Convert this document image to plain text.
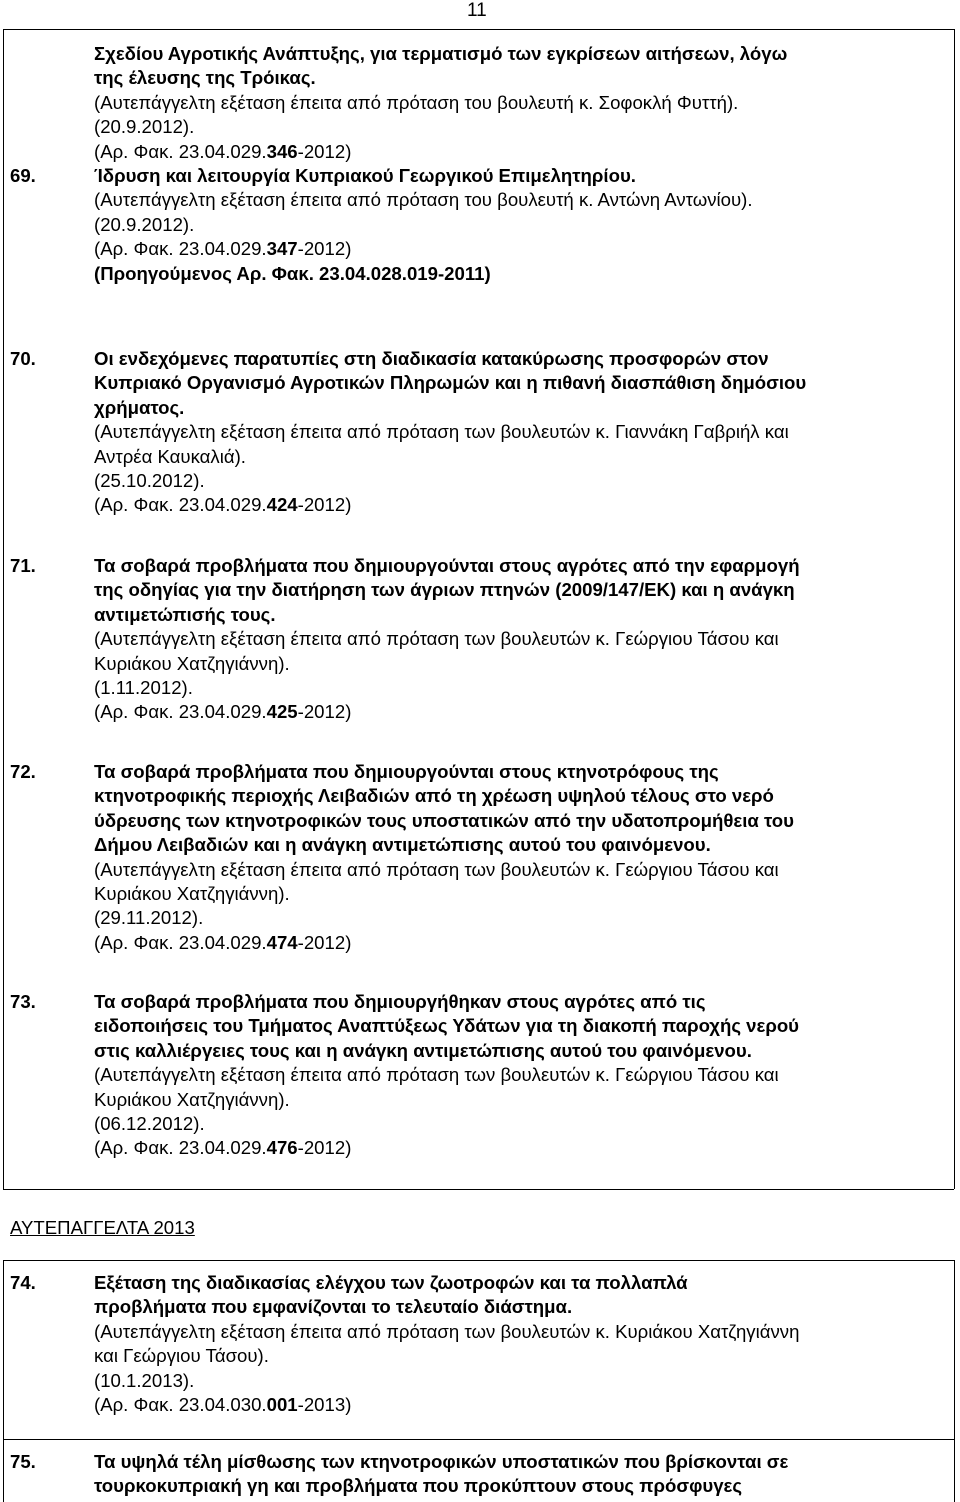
11
Σχεδίου Αγροτικής Ανάπτυξης, για τερματισμό των εγκρίσεων αιτήσεων, λόγω
της έλευσης της Τρόικας.
(Αυτεπάγγελτη εξέταση έπειτα από πρόταση του βουλευτή κ. Σοφοκλή Φυττή).
(20.9.2012).
(Αρ. Φακ. 23.04.029.346-2012)
69.	Ίδρυση και λειτουργία Κυπριακού Γεωργικού Επιμελητηρίου.
(Αυτεπάγγελτη εξέταση έπειτα από πρόταση του βουλευτή κ. Αντώνη Αντωνίου).
(20.9.2012).
(Αρ. Φακ. 23.04.029.347-2012)
(Προηγούμενος Αρ. Φακ. 23.04.028.019-2011)
70.	Οι ενδεχόμενες παρατυπίες στη διαδικασία κατακύρωσης προσφορών στον
Κυπριακό Οργανισμό Αγροτικών Πληρωμών και η πιθανή διασπάθιση δημόσιου
χρήματος.
(Αυτεπάγγελτη εξέταση έπειτα από πρόταση των βουλευτών κ. Γιαννάκη Γαβριήλ και
Αντρέα Καυκαλιά).
(25.10.2012).
(Αρ. Φακ. 23.04.029.424-2012)
71.	Τα σοβαρά προβλήματα που δημιουργούνται στους αγρότες από την εφαρμογή
της οδηγίας για την διατήρηση των άγριων πτηνών (2009/147/ΕΚ) και η ανάγκη
αντιμετώπισής τους.
(Αυτεπάγγελτη εξέταση έπειτα από πρόταση των βουλευτών κ. Γεώργιου Τάσου και
Κυριάκου Χατζηγιάννη).
(1.11.2012).
(Αρ. Φακ. 23.04.029.425-2012)
72.	Τα σοβαρά προβλήματα που δημιουργούνται στους κτηνοτρόφους της
κτηνοτροφικής περιοχής Λειβαδιών από τη χρέωση υψηλού τέλους στο νερό
ύδρευσης των κτηνοτροφικών τους υποστατικών από την υδατοπρομήθεια του
Δήμου Λειβαδιών και η ανάγκη αντιμετώπισης αυτού του φαινόμενου.
(Αυτεπάγγελτη εξέταση έπειτα από πρόταση των βουλευτών κ. Γεώργιου Τάσου και
Κυριάκου Χατζηγιάννη).
(29.11.2012).
(Αρ. Φακ. 23.04.029.474-2012)
73.	Τα σοβαρά προβλήματα που δημιουργήθηκαν στους αγρότες από τις
ειδοποιήσεις του Τμήματος Αναπτύξεως Υδάτων για τη διακοπή παροχής νερού
στις καλλιέργειες τους και η ανάγκη αντιμετώπισης αυτού του φαινόμενου.
(Αυτεπάγγελτη εξέταση έπειτα από πρόταση των βουλευτών κ. Γεώργιου Τάσου και
Κυριάκου Χατζηγιάννη).
(06.12.2012).
(Αρ. Φακ. 23.04.029.476-2012)
ΑΥΤΕΠΑΓΓΕΛΤΑ 2013
74.	Εξέταση της διαδικασίας ελέγχου των ζωοτροφών και τα πολλαπλά
προβλήματα που εμφανίζονται το τελευταίο διάστημα.
(Αυτεπάγγελτη εξέταση έπειτα από πρόταση των βουλευτών κ. Κυριάκου Χατζηγιάννη
και Γεώργιου Τάσου).
(10.1.2013).
(Αρ. Φακ. 23.04.030.001-2013)
75.	Τα υψηλά τέλη μίσθωσης των κτηνοτροφικών υποστατικών που βρίσκονται σε
τουρκοκυπριακή γη και προβλήματα που προκύπτουν στους πρόσφυγες
